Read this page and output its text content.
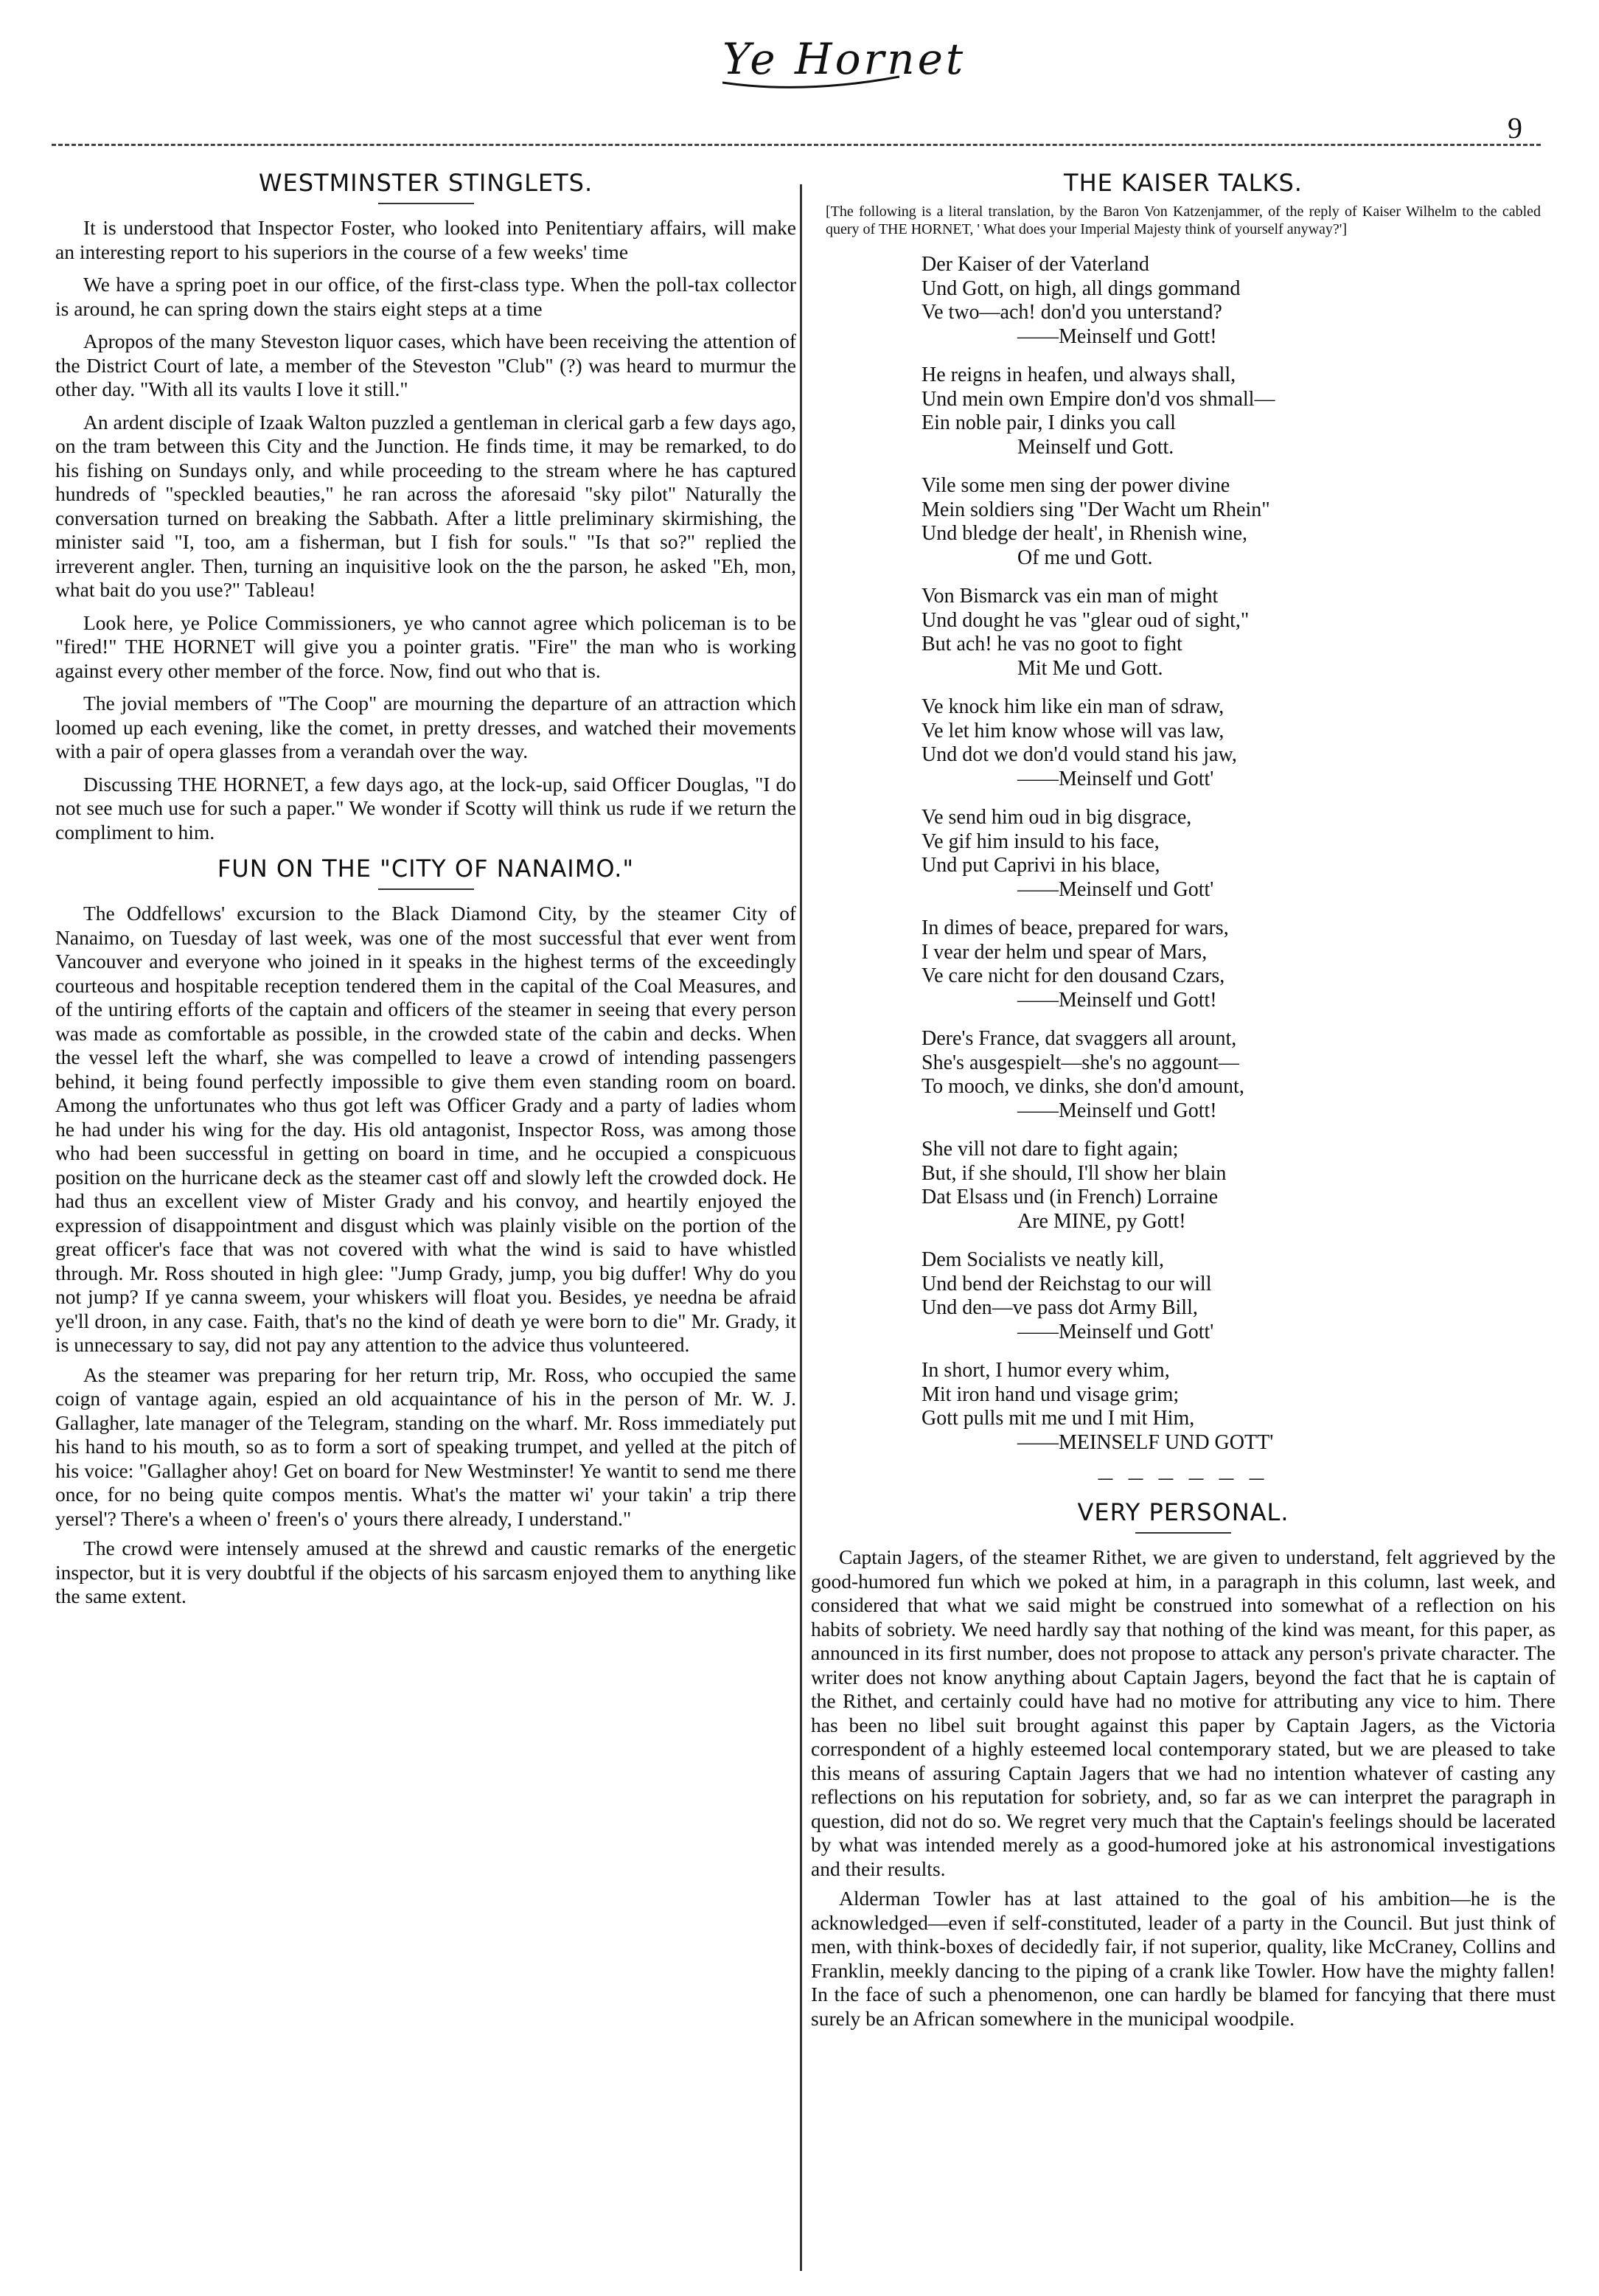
Ye Hornet
9
WESTMINSTER STINGLETS.

It is understood that Inspector Foster, who looked into Penitentiary affairs, will make an interesting report to his superiors in the course of a few weeks' time

We have a spring poet in our office, of the first-class type. When the poll-tax collector is around, he can spring down the stairs eight steps at a time

Apropos of the many Steveston liquor cases, which have been receiving the attention of the District Court of late, a member of the Steveston "Club" (?) was heard to murmur the other day. "With all its vaults I love it still."

An ardent disciple of Izaak Walton puzzled a gentleman in clerical garb a few days ago, on the tram between this City and the Junction. He finds time, it may be remarked, to do his fishing on Sundays only, and while proceeding to the stream where he has captured hundreds of "speckled beauties," he ran across the aforesaid "sky pilot" Naturally the conversation turned on breaking the Sabbath. After a little preliminary skirmishing, the minister said "I, too, am a fisherman, but I fish for souls." "Is that so?" replied the irreverent angler. Then, turning an inquisitive look on the the parson, he asked "Eh, mon, what bait do you use?" Tableau!

Look here, ye Police Commissioners, ye who cannot agree which policeman is to be "fired!" THE HORNET will give you a pointer gratis. "Fire" the man who is working against every other member of the force. Now, find out who that is.

The jovial members of "The Coop" are mourning the departure of an attraction which loomed up each evening, like the comet, in pretty dresses, and watched their movements with a pair of opera glasses from a verandah over the way.

Discussing THE HORNET, a few days ago, at the lock-up, said Officer Douglas, "I do not see much use for such a paper." We wonder if Scotty will think us rude if we return the compliment to him.

FUN ON THE "CITY OF NANAIMO."

The Oddfellows' excursion to the Black Diamond City, by the steamer City of Nanaimo, on Tuesday of last week, was one of the most successful that ever went from Vancouver and everyone who joined in it speaks in the highest terms of the exceedingly courteous and hospitable reception tendered them in the capital of the Coal Measures, and of the untiring efforts of the captain and officers of the steamer in seeing that every person was made as comfortable as possible, in the crowded state of the cabin and decks. When the vessel left the wharf, she was compelled to leave a crowd of intending passengers behind, it being found perfectly impossible to give them even standing room on board. Among the unfortunates who thus got left was Officer Grady and a party of ladies whom he had under his wing for the day. His old antagonist, Inspector Ross, was among those who had been successful in getting on board in time, and he occupied a conspicuous position on the hurricane deck as the steamer cast off and slowly left the crowded dock. He had thus an excellent view of Mister Grady and his convoy, and heartily enjoyed the expression of disappointment and disgust which was plainly visible on the portion of the great officer's face that was not covered with what the wind is said to have whistled through. Mr. Ross shouted in high glee: "Jump Grady, jump, you big duffer! Why do you not jump? If ye canna sweem, your whiskers will float you. Besides, ye needna be afraid ye'll droon, in any case. Faith, that's no the kind of death ye were born to die" Mr. Grady, it is unnecessary to say, did not pay any attention to the advice thus volunteered.

As the steamer was preparing for her return trip, Mr. Ross, who occupied the same coign of vantage again, espied an old acquaintance of his in the person of Mr. W. J. Gallagher, late manager of the Telegram, standing on the wharf. Mr. Ross immediately put his hand to his mouth, so as to form a sort of speaking trumpet, and yelled at the pitch of his voice: "Gallagher ahoy! Get on board for New Westminster! Ye wantit to send me there once, for no being quite compos mentis. What's the matter wi' your takin' a trip there yersel'? There's a wheen o' freen's o' yours there already, I understand."

The crowd were intensely amused at the shrewd and caustic remarks of the energetic inspector, but it is very doubtful if the objects of his sarcasm enjoyed them to anything like the same extent.

THE KAISER TALKS.

[The following is a literal translation, by the Baron Von Katzenjammer, of the reply of Kaiser Wilhelm to the cabled query of THE HORNET, ' What does your Imperial Majesty think of yourself anyway?']

Der Kaiser of der Vaterland
Und Gott, on high, all dings gommand
Ve two—ach! don'd you unterstand?
——Meinself und Gott!
He reigns in heafen, und always shall,
Und mein own Empire don'd vos shmall—
Ein noble pair, I dinks you call
Meinself und Gott.
Vile some men sing der power divine
Mein soldiers sing "Der Wacht um Rhein"
Und bledge der healt', in Rhenish wine,
Of me und Gott.
Von Bismarck vas ein man of might
Und dought he vas "glear oud of sight,"
But ach! he vas no goot to fight
Mit Me und Gott.
Ve knock him like ein man of sdraw,
Ve let him know whose will vas law,
Und dot we don'd vould stand his jaw,
——Meinself und Gott'
Ve send him oud in big disgrace,
Ve gif him insuld to his face,
Und put Caprivi in his blace,
——Meinself und Gott'
In dimes of beace, prepared for wars,
I vear der helm und spear of Mars,
Ve care nicht for den dousand Czars,
——Meinself und Gott!
Dere's France, dat svaggers all arount,
She's ausgespielt—she's no aggount—
To mooch, ve dinks, she don'd amount,
——Meinself und Gott!
She vill not dare to fight again;
But, if she should, I'll show her blain
Dat Elsass und (in French) Lorraine
Are MINE, py Gott!
Dem Socialists ve neatly kill,
Und bend der Reichstag to our will
Und den—ve pass dot Army Bill,
——Meinself und Gott'
In short, I humor every whim,
Mit iron hand und visage grim;
Gott pulls mit me und I mit Him,
——MEINSELF UND GOTT'
— — — — — —
VERY PERSONAL.

Captain Jagers, of the steamer Rithet, we are given to understand, felt aggrieved by the good-humored fun which we poked at him, in a paragraph in this column, last week, and considered that what we said might be construed into somewhat of a reflection on his habits of sobriety. We need hardly say that nothing of the kind was meant, for this paper, as announced in its first number, does not propose to attack any person's private character. The writer does not know anything about Captain Jagers, beyond the fact that he is captain of the Rithet, and certainly could have had no motive for attributing any vice to him. There has been no libel suit brought against this paper by Captain Jagers, as the Victoria correspondent of a highly esteemed local contemporary stated, but we are pleased to take this means of assuring Captain Jagers that we had no intention whatever of casting any reflections on his reputation for sobriety, and, so far as we can interpret the paragraph in question, did not do so. We regret very much that the Captain's feelings should be lacerated by what was intended merely as a good-humored joke at his astronomical investigations and their results.

Alderman Towler has at last attained to the goal of his ambition—he is the acknowledged—even if self-constituted, leader of a party in the Council. But just think of men, with think-boxes of decidedly fair, if not superior, quality, like McCraney, Collins and Franklin, meekly dancing to the piping of a crank like Towler. How have the mighty fallen! In the face of such a phenomenon, one can hardly be blamed for fancying that there must surely be an African somewhere in the municipal woodpile.
